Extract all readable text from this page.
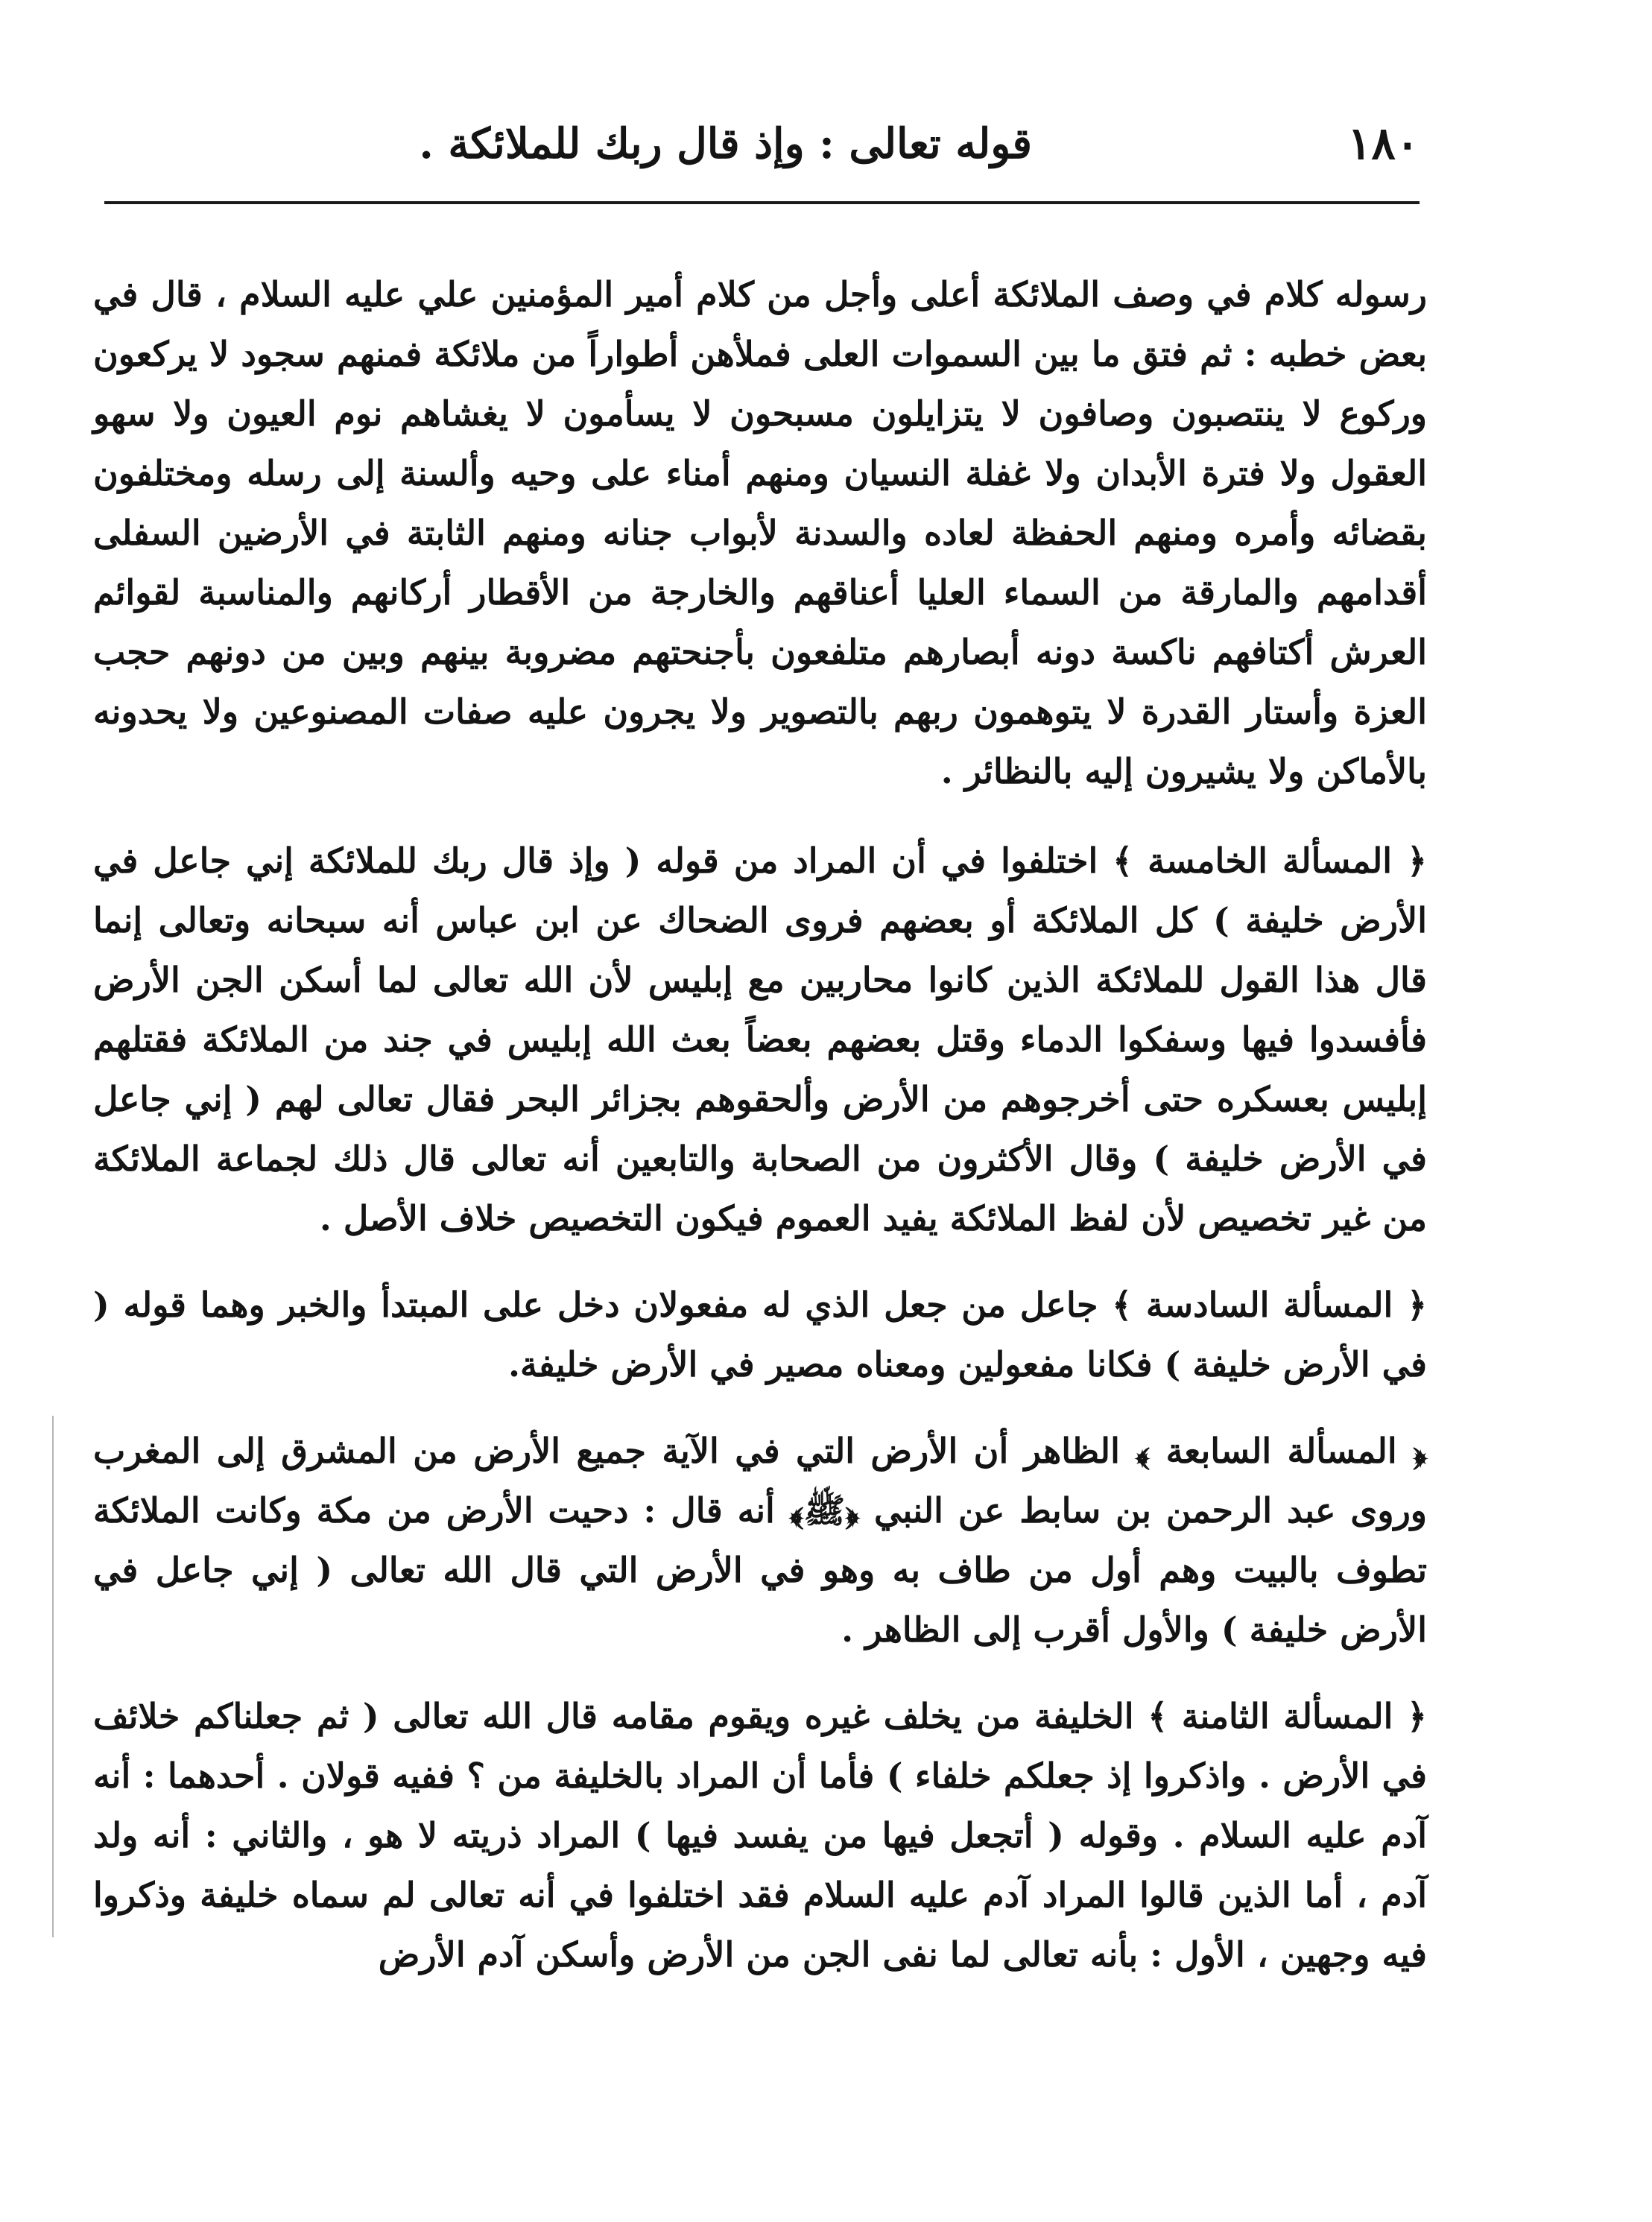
١٨٠
قوله تعالى : وإذ قال ربك للملائكة .

رسوله كلام في وصف الملائكة أعلى وأجل من كلام أمير المؤمنين علي عليه السلام ، قال في بعض خطبه : ثم فتق ما بين السموات العلى فملأهن أطواراً من ملائكة فمنهم سجود لا يركعون وركوع لا ينتصبون وصافون لا يتزايلون مسبحون لا يسأمون لا يغشاهم نوم العيون ولا سهو العقول ولا فترة الأبدان ولا غفلة النسيان ومنهم أمناء على وحيه وألسنة إلى رسله ومختلفون بقضائه وأمره ومنهم الحفظة لعاده والسدنة لأبواب جنانه ومنهم الثابتة في الأرضين السفلى أقدامهم والمارقة من السماء العليا أعناقهم والخارجة من الأقطار أركانهم والمناسبة لقوائم العرش أكتافهم ناكسة دونه أبصارهم متلفعون بأجنحتهم مضروبة بينهم وبين من دونهم حجب العزة وأستار القدرة لا يتوهمون ربهم بالتصوير ولا يجرون عليه صفات المصنوعين ولا يحدونه بالأماكن ولا يشيرون إليه بالنظائر .

﴿ المسألة الخامسة ﴾ اختلفوا في أن المراد من قوله ( وإذ قال ربك للملائكة إني جاعل في الأرض خليفة ) كل الملائكة أو بعضهم فروى الضحاك عن ابن عباس أنه سبحانه وتعالى إنما قال هذا القول للملائكة الذين كانوا محاربين مع إبليس لأن الله تعالى لما أسكن الجن الأرض فأفسدوا فيها وسفكوا الدماء وقتل بعضهم بعضاً بعث الله إبليس في جند من الملائكة فقتلهم إبليس بعسكره حتى أخرجوهم من الأرض وألحقوهم بجزائر البحر فقال تعالى لهم ( إني جاعل في الأرض خليفة ) وقال الأكثرون من الصحابة والتابعين أنه تعالى قال ذلك لجماعة الملائكة من غير تخصيص لأن لفظ الملائكة يفيد العموم فيكون التخصيص خلاف الأصل .

﴿ المسألة السادسة ﴾ جاعل من جعل الذي له مفعولان دخل على المبتدأ والخبر وهما قوله ( في الأرض خليفة ) فكانا مفعولين ومعناه مصير في الأرض خليفة.

﴿ المسألة السابعة ﴾ الظاهر أن الأرض التي في الآية جميع الأرض من المشرق إلى المغرب وروى عبد الرحمن بن سابط عن النبي ﴿ﷺ﴾ أنه قال : دحيت الأرض من مكة وكانت الملائكة تطوف بالبيت وهم أول من طاف به وهو في الأرض التي قال الله تعالى ( إني جاعل في الأرض خليفة ) والأول أقرب إلى الظاهر .

﴿ المسألة الثامنة ﴾ الخليفة من يخلف غيره ويقوم مقامه قال الله تعالى ( ثم جعلناكم خلائف في الأرض . واذكروا إذ جعلكم خلفاء ) فأما أن المراد بالخليفة من ؟ ففيه قولان . أحدهما : أنه آدم عليه السلام . وقوله ( أتجعل فيها من يفسد فيها ) المراد ذريته لا هو ، والثاني : أنه ولد آدم ، أما الذين قالوا المراد آدم عليه السلام فقد اختلفوا في أنه تعالى لم سماه خليفة وذكروا فيه وجهين ، الأول : بأنه تعالى لما نفى الجن من الأرض وأسكن آدم الأرض
